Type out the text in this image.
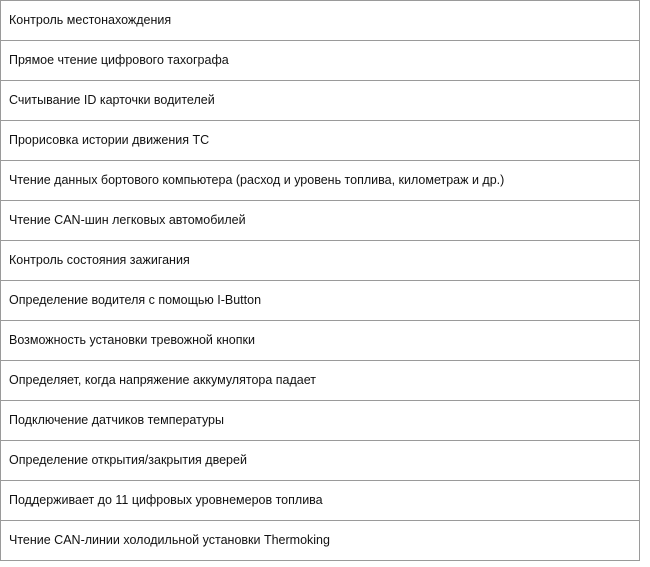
Контроль местонахождения
Прямое чтение цифрового тахографа
Считывание ID карточки водителей
Прорисовка истории движения ТС
Чтение данных бортового компьютера (расход и уровень топлива, километраж и др.)
Чтение CAN-шин легковых автомобилей
Контроль состояния зажигания
Определение водителя с помощью I-Button
Возможность установки тревожной кнопки
Определяет, когда напряжение аккумулятора падает
Подключение датчиков температуры
Определение открытия/закрытия дверей
Поддерживает до 11 цифровых уровнемеров топлива
Чтение CAN-линии холодильной установки Thermoking
